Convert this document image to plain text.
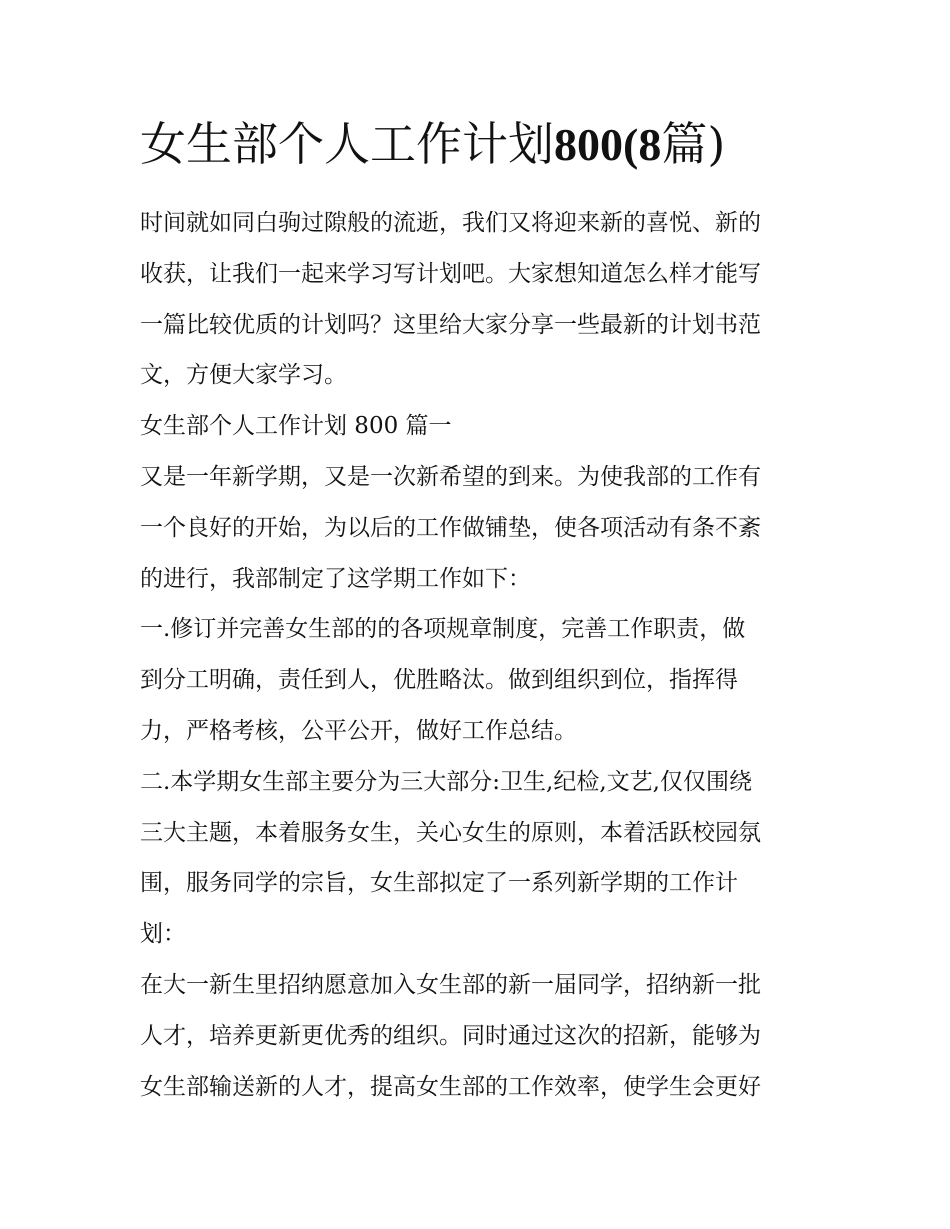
女生部个人工作计划800(8篇)
时间就如同白驹过隙般的流逝，我们又将迎来新的喜悦、新的
收获，让我们一起来学习写计划吧。大家想知道怎么样才能写
一篇比较优质的计划吗？这里给大家分享一些最新的计划书范
文，方便大家学习。
女生部个人工作计划 800 篇一
又是一年新学期，又是一次新希望的到来。为使我部的工作有
一个良好的开始，为以后的工作做铺垫，使各项活动有条不紊
的进行，我部制定了这学期工作如下：
一.修订并完善女生部的的各项规章制度，完善工作职责，做
到分工明确，责任到人，优胜略汰。做到组织到位，指挥得
力，严格考核，公平公开，做好工作总结。
二.本学期女生部主要分为三大部分:卫生,纪检,文艺,仅仅围绕
三大主题，本着服务女生，关心女生的原则，本着活跃校园氛
围，服务同学的宗旨，女生部拟定了一系列新学期的工作计
划：
在大一新生里招纳愿意加入女生部的新一届同学，招纳新一批
人才，培养更新更优秀的组织。同时通过这次的招新，能够为
女生部输送新的人才，提高女生部的工作效率，使学生会更好
